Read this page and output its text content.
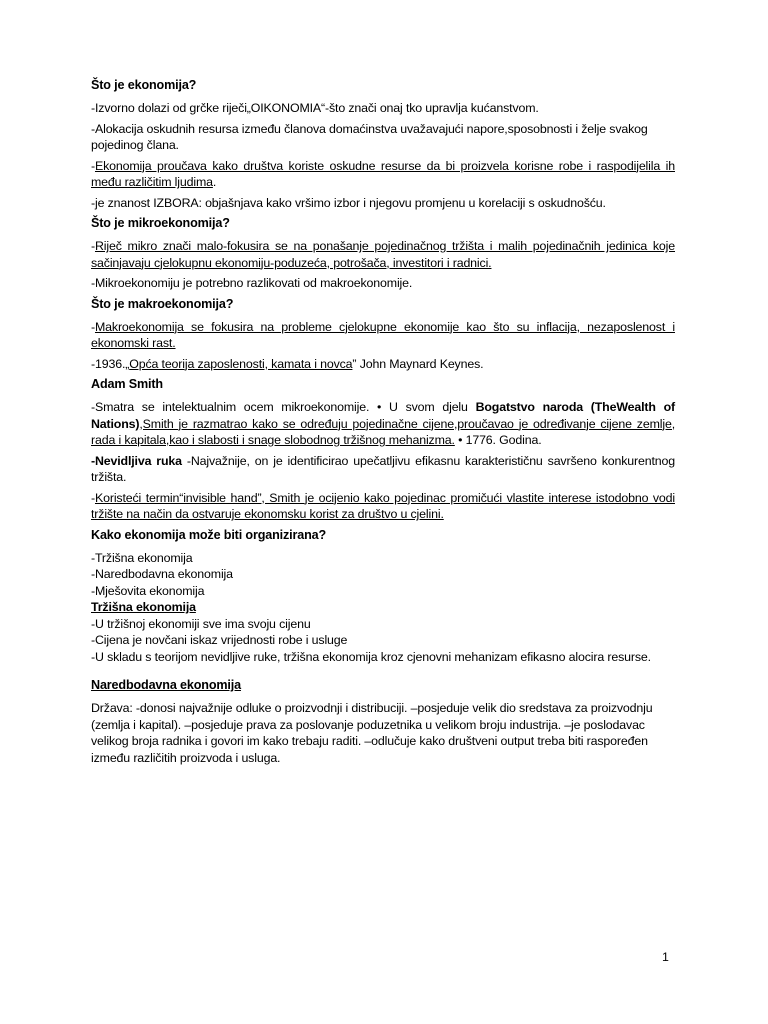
Što je ekonomija?

-Izvorno dolazi od grčke riječi„OIKONOMIA“-što znači onaj tko upravlja kućanstvom.

-Alokacija oskudnih resursa između članova domaćinstva uvažavajući napore,sposobnosti i želje svakog pojedinog člana.

-Ekonomija proučava kako društva koriste oskudne resurse da bi proizvela korisne robe i raspodijelila ih među različitim ljudima.

-je znanost IZBORA: objašnjava kako vršimo izbor i njegovu promjenu u korelaciji s oskudnošću.

Što je mikroekonomija?

-Riječ mikro znači malo-fokusira se na ponašanje pojedinačnog tržišta i malih pojedinačnih jedinica koje sačinjavaju cjelokupnu ekonomiju-poduzeća, potrošača, investitori i radnici.

-Mikroekonomiju je potrebno razlikovati od makroekonomije.

Što je makroekonomija?

-Makroekonomija se fokusira na probleme cjelokupne ekonomije kao što su inflacija, nezaposlenost i ekonomski rast.

-1936.„Opća teorija zaposlenosti, kamata i novca” John Maynard Keynes.

Adam Smith

-Smatra se intelektualnim ocem mikroekonomije. • U svom djelu Bogatstvo naroda (TheWealth of Nations),Smith je razmatrao kako se određuju pojedinačne cijene,proučavao je određivanje cijene zemlje, rada i kapitala,kao i slabosti i snage slobodnog tržišnog mehanizma. • 1776. Godina.

-Nevidljiva ruka -Najvažnije, on je identificirao upečatljivu efikasnu karakterističnu savršeno konkurentnog tržišta.

-Koristeći termin“invisible hand”, Smith je ocijenio kako pojedinac promičući vlastite interese istodobno vodi tržište na način da ostvaruje ekonomsku korist za društvo u cjelini.

Kako ekonomija može biti organizirana?

-Tržišna ekonomija

-Naredbodavna ekonomija

-Mješovita ekonomija

Tržišna ekonomija

-U tržišnoj ekonomiji sve ima svoju cijenu

-Cijena je novčani iskaz vrijednosti robe i usluge

-U skladu s teorijom nevidljive ruke, tržišna ekonomija kroz cjenovni mehanizam efikasno alocira resurse.

Naredbodavna ekonomija

Država: -donosi najvažnije odluke o proizvodnji i distribuciji. –posjeduje velik dio sredstava za proizvodnju (zemlja i kapital). –posjeduje prava za poslovanje poduzetnika u velikom broju industrija. –je poslodavac velikog broja radnika i govori im kako trebaju raditi. –odlučuje kako društveni output treba biti raspoređen između različitih proizvoda i usluga.

1
